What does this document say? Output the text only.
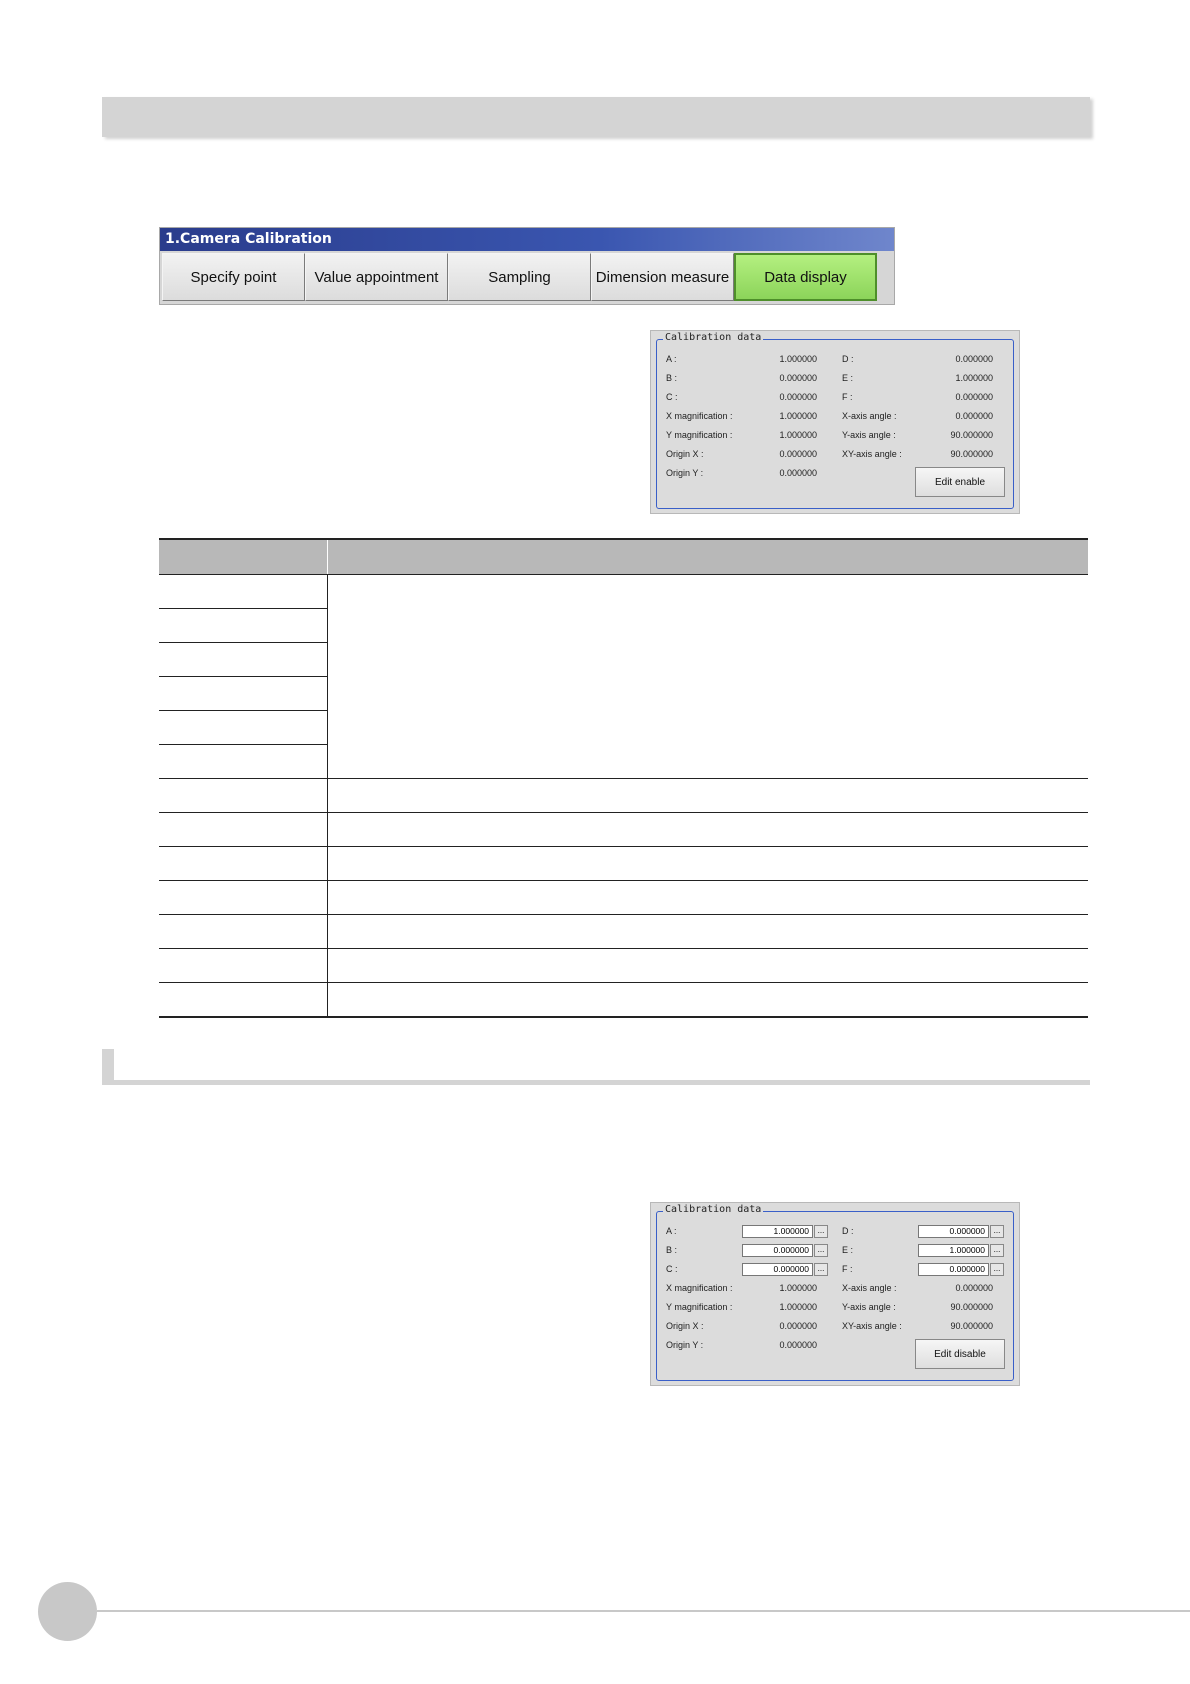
1.Camera Calibration
Specify point	Value appointment	Sampling	Dimension measure	Data display
Calibration data
A :	1.000000
B :	0.000000
C :	0.000000
X magnification :	1.000000
Y magnification :	1.000000
Origin X :	0.000000
Origin Y :	0.000000
D :	0.000000
E :	1.000000
F :	0.000000
X-axis angle :	0.000000
Y-axis angle :	90.000000
XY-axis angle :	90.000000
Edit enable

Calibration data
A :	1.000000	...
B :	0.000000	...
C :	0.000000	...
X magnification :	1.000000
Y magnification :	1.000000
Origin X :	0.000000
Origin Y :	0.000000
D :	0.000000	...
E :	1.000000	...
F :	0.000000	...
X-axis angle :	0.000000
Y-axis angle :	90.000000
XY-axis angle :	90.000000
Edit disable
